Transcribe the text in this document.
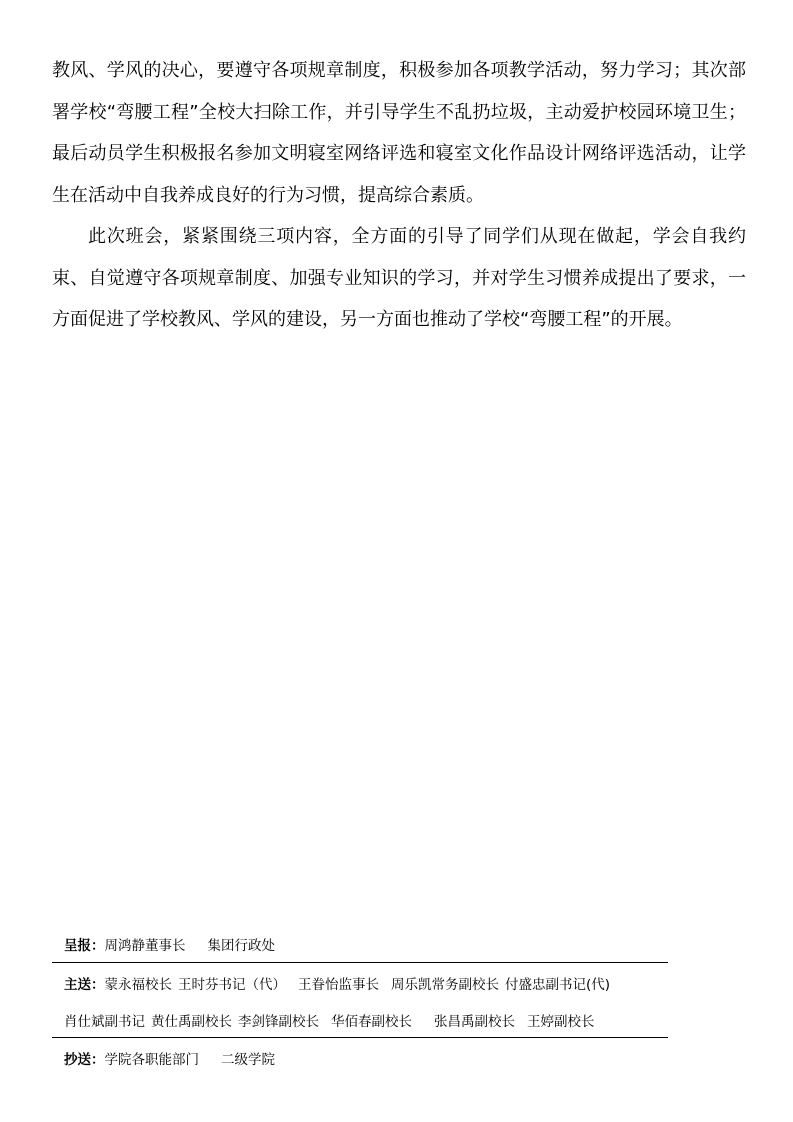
教风、学风的决心，要遵守各项规章制度，积极参加各项教学活动，努力学习；其次部署学校“弯腰工程”全校大扫除工作，并引导学生不乱扔垃圾，主动爱护校园环境卫生；最后动员学生积极报名参加文明寝室网络评选和寝室文化作品设计网络评选活动，让学生在活动中自我养成良好的行为习惯，提高综合素质。

此次班会，紧紧围绕三项内容，全方面的引导了同学们从现在做起，学会自我约束、自觉遵守各项规章制度、加强专业知识的学习，并对学生习惯养成提出了要求，一方面促进了学校教风、学风的建设，另一方面也推动了学校“弯腰工程”的开展。

呈报：周鸿静董事长 集团行政处
主送：蒙永福校长 王时芬书记（代） 王眷怡监事长 周乐凯常务副校长 付盛忠副书记(代)
肖仕斌副书记 黄仕禹副校长 李剑锋副校长 华佰春副校长 张昌禹副校长 王婷副校长
抄送：学院各职能部门 二级学院
